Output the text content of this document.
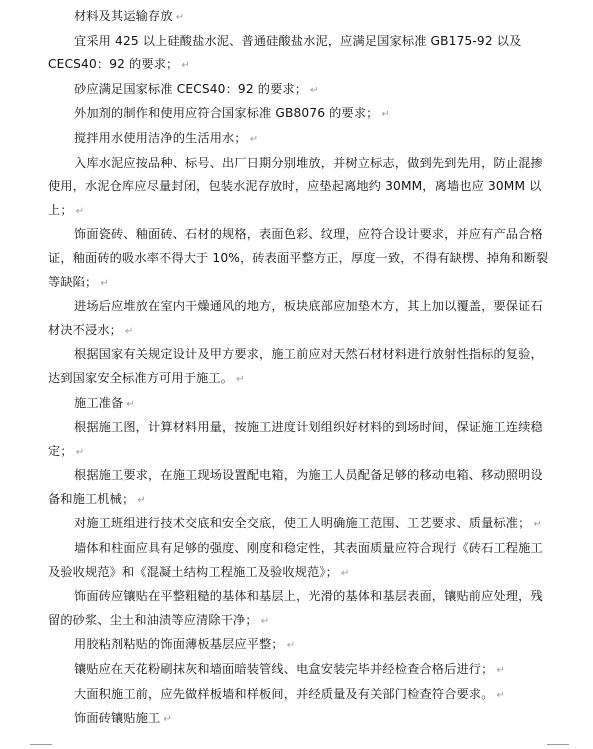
材料及其运输存放 ↵

宜采用 425 以上硅酸盐水泥、普通硅酸盐水泥，应满足国家标准 GB175-92 以及 CECS40：92 的要求； ↵

砂应满足国家标准 CECS40：92 的要求； ↵

外加剂的制作和使用应符合国家标准 GB8076 的要求； ↵

搅拌用水使用洁净的生活用水； ↵

入库水泥应按品种、标号、出厂日期分别堆放，并树立标志，做到先到先用，防止混掺使用，水泥仓库应尽量封闭，包装水泥存放时，应垫起离地约 30MM，离墙也应 30MM 以上； ↵

饰面瓷砖、釉面砖、石材的规格，表面色彩、纹理，应符合设计要求，并应有产品合格证，釉面砖的吸水率不得大于 10%，砖表面平整方正，厚度一致，不得有缺楞、掉角和断裂等缺陷； ↵

进场后应堆放在室内干燥通风的地方，板块底部应加垫木方，其上加以覆盖，要保证石材决不浸水； ↵

根据国家有关规定设计及甲方要求，施工前应对天然石材材料进行放射性指标的复验，达到国家安全标准方可用于施工。 ↵

施工准备 ↵

根据施工图，计算材料用量，按施工进度计划组织好材料的到场时间，保证施工连续稳定； ↵

根据施工要求，在施工现场设置配电箱，为施工人员配备足够的移动电箱、移动照明设备和施工机械； ↵

对施工班组进行技术交底和安全交底，使工人明确施工范围、工艺要求、质量标准； ↵

墙体和柱面应具有足够的强度、刚度和稳定性，其表面质量应符合现行《砖石工程施工及验收规范》和《混凝土结构工程施工及验收规范》； ↵

饰面砖应镶贴在平整粗糙的基体和基层上，光滑的基体和基层表面，镶贴前应处理，残留的砂浆、尘土和油渍等应清除干净； ↵

用胶粘剂粘贴的饰面薄板基层应平整； ↵

镶贴应在天花粉刷抹灰和墙面暗装管线、电盒安装完毕并经检查合格后进行； ↵

大面积施工前，应先做样板墙和样板间，并经质量及有关部门检查符合要求。 ↵

饰面砖镶贴施工 ↵
